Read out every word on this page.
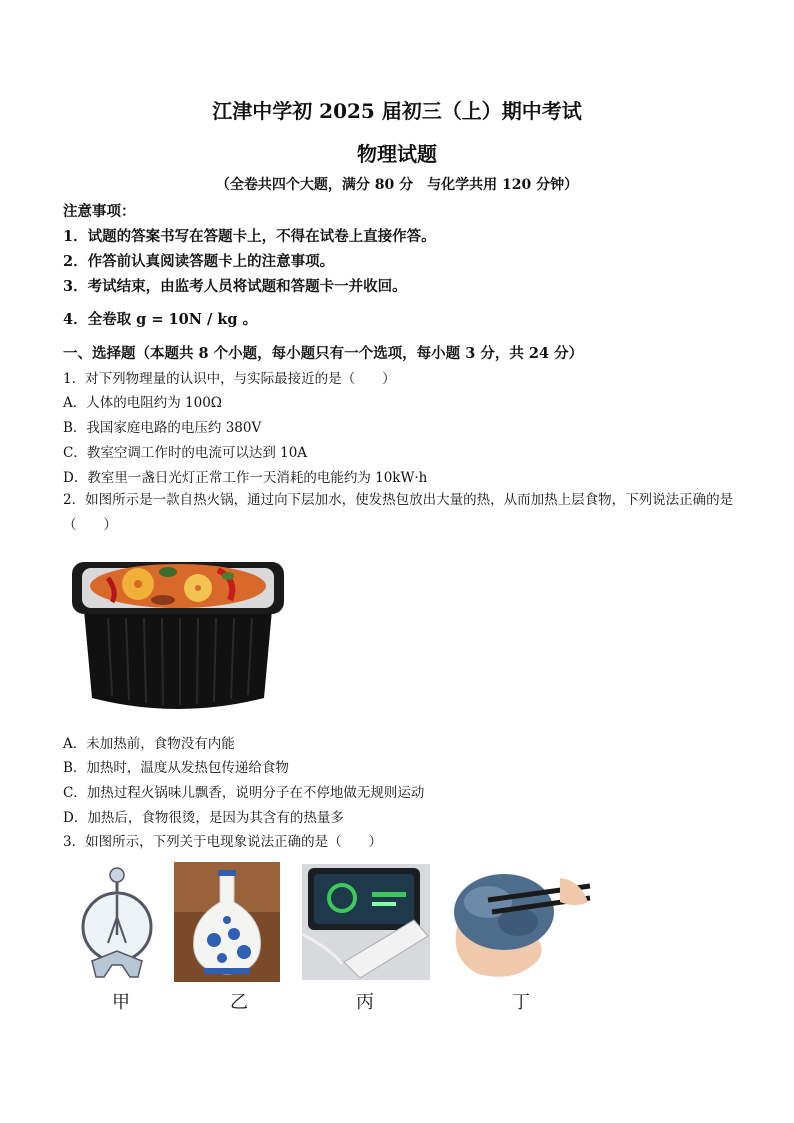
江津中学初 2025 届初三（上）期中考试
物理试题
（全卷共四个大题，满分 80 分　与化学共用 120 分钟）
注意事项：
1．试题的答案书写在答题卡上，不得在试卷上直接作答。
2．作答前认真阅读答题卡上的注意事项。
3．考试结束，由监考人员将试题和答题卡一并收回。
4．全卷取 g = 10N / kg 。
一、选择题（本题共 8 个小题，每小题只有一个选项，每小题 3 分，共 24 分）
1．对下列物理量的认识中，与实际最接近的是（　　）
A．人体的电阻约为 100Ω
B．我国家庭电路的电压约 380V
C．教室空调工作时的电流可以达到 10A
D．教室里一盏日光灯正常工作一天消耗的电能约为 10kW·h
2．如图所示是一款自热火锅，通过向下层加水，使发热包放出大量的热，从而加热上层食物，下列说法正确的是（　　）
A．未加热前，食物没有内能
B．加热时，温度从发热包传递给食物
C．加热过程火锅味儿飘香，说明分子在不停地做无规则运动
D．加热后，食物很烫，是因为其含有的热量多
3．如图所示，下列关于电现象说法正确的是（　　）
甲	乙	丙	丁
